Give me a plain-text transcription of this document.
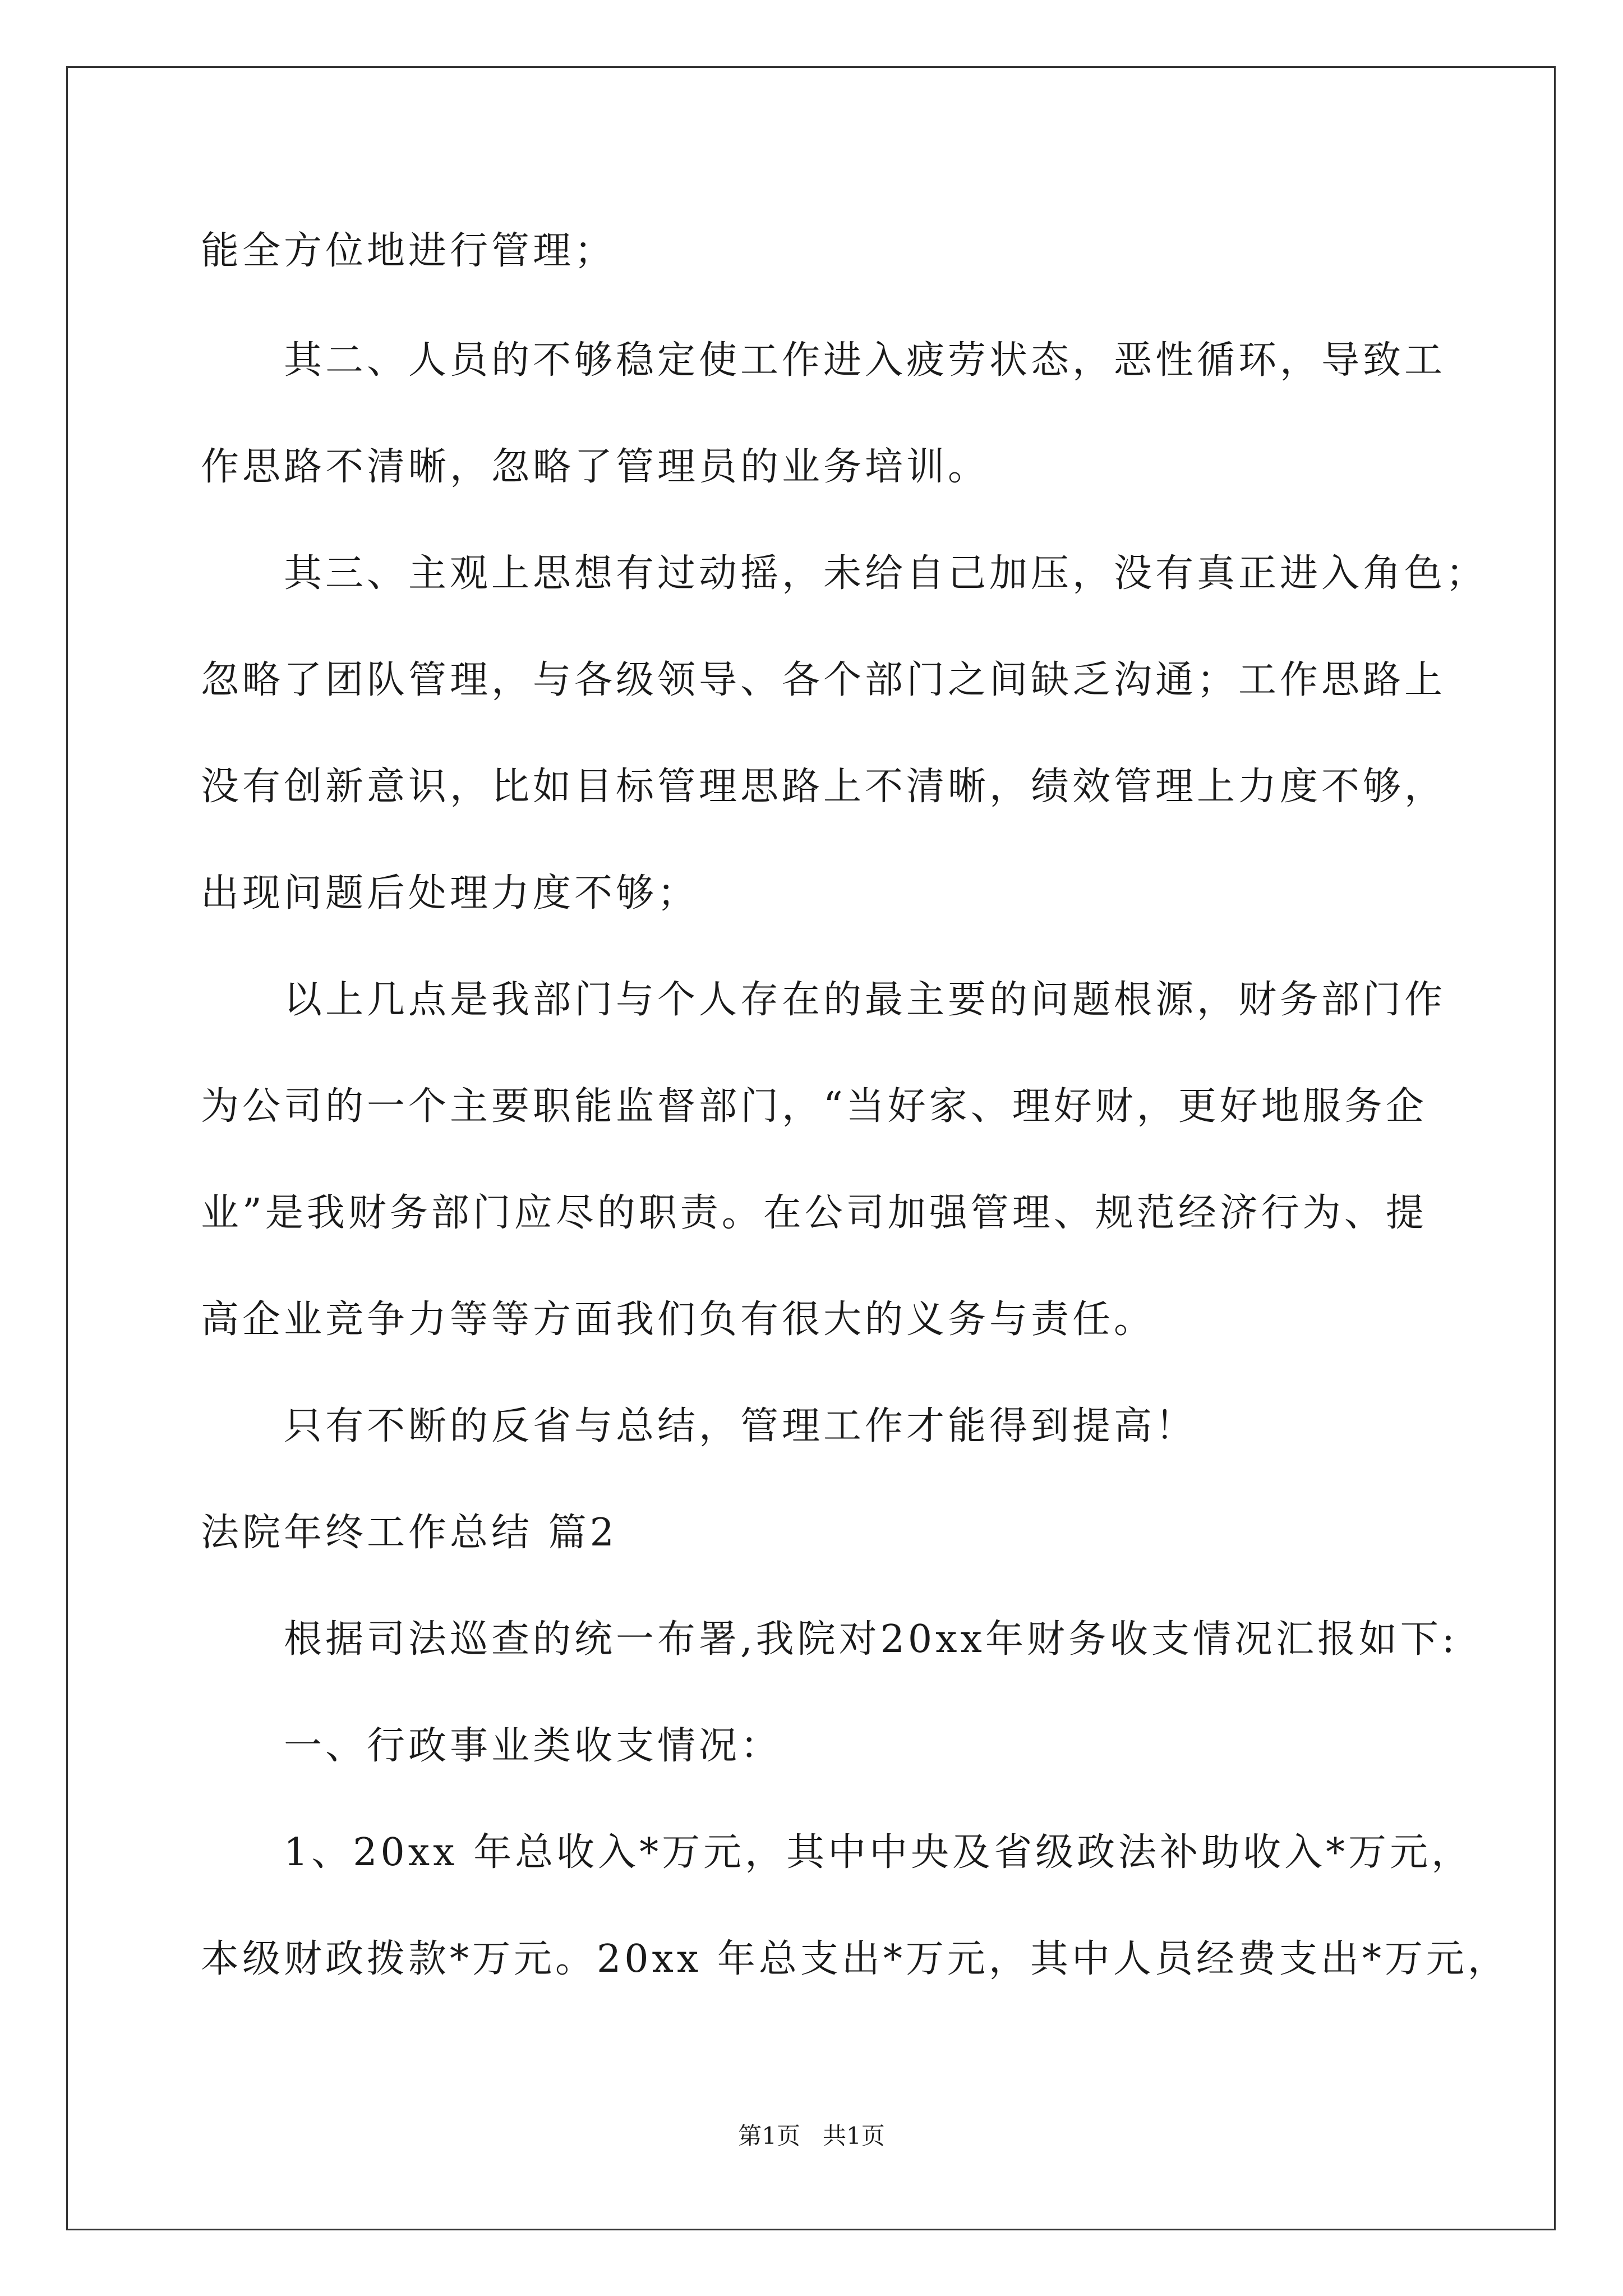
能全方位地进行管理；
其二、人员的不够稳定使工作进入疲劳状态，恶性循环，导致工
作思路不清晰，忽略了管理员的业务培训。
其三、主观上思想有过动摇，未给自己加压，没有真正进入角色；
忽略了团队管理，与各级领导、各个部门之间缺乏沟通；工作思路上
没有创新意识，比如目标管理思路上不清晰，绩效管理上力度不够，
出现问题后处理力度不够；
以上几点是我部门与个人存在的最主要的问题根源，财务部门作
为公司的一个主要职能监督部门，“当好家、理好财，更好地服务企
业”是我财务部门应尽的职责。在公司加强管理、规范经济行为、提
高企业竞争力等等方面我们负有很大的义务与责任。
只有不断的反省与总结，管理工作才能得到提高！
法院年终工作总结 篇2
根据司法巡查的统一布署,我院对20xx年财务收支情况汇报如下:
一、行政事业类收支情况：
1、20xx 年总收入*万元，其中中央及省级政法补助收入*万元，
本级财政拨款*万元。20xx 年总支出*万元，其中人员经费支出*万元，
第1页   共1页
